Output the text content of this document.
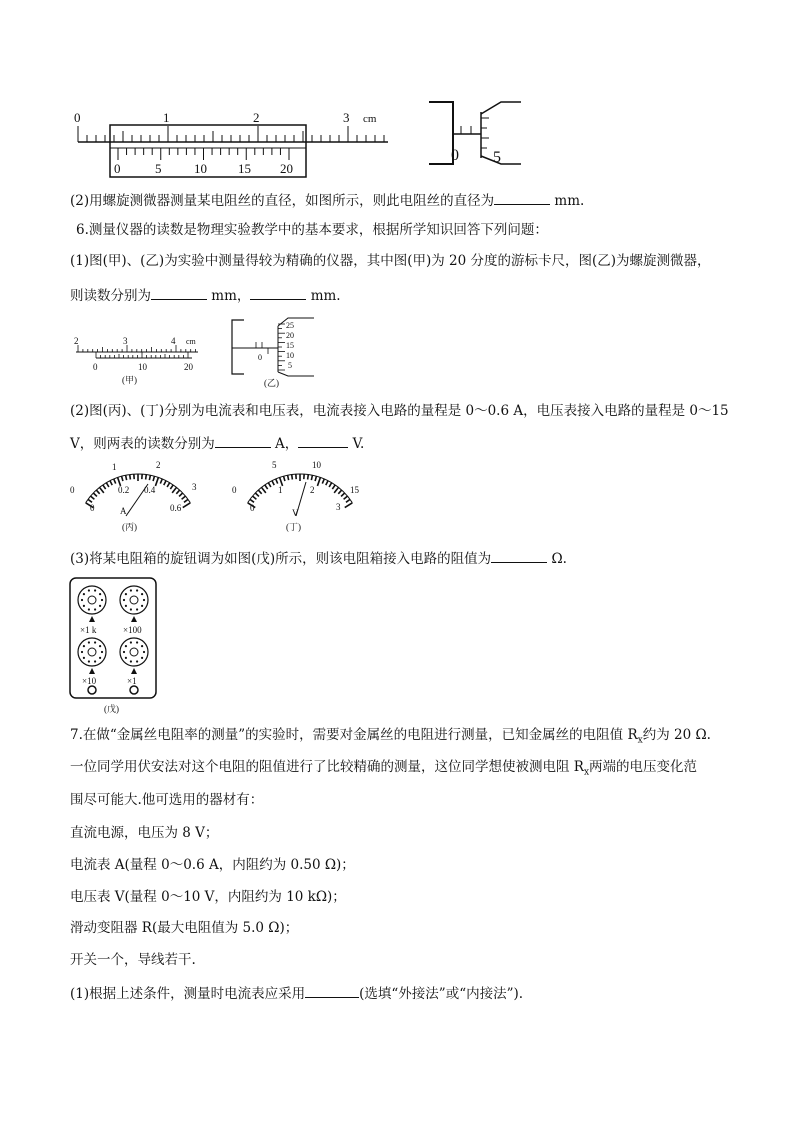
0	1	2	3 cm
0	5	10 15 20
0 5
(2)用螺旋测微器测量某电阻丝的直径，如图所示，则此电阻丝的直径为	mm.
6.测量仪器的读数是物理实验教学中的基本要求，根据所学知识回答下列问题：
(1)图(甲)、(乙)为实验中测量得较为精确的仪器，其中图(甲)为 20 分度的游标卡尺，图(乙)为螺旋测微器，
则读数分别为	mm，	mm.
2	3	4 cm
0	10	20
(甲)
25
20
15
10
5
0
(乙)
(2)图(丙)、(丁)分别为电流表和电压表，电流表接入电路的量程是 0～0.6 A，电压表接入电路的量程是 0～15
V，则两表的读数分别为	A，	V.
0
1	2
3
0
0.2 0.4
0.6
A
(丙)
0
5	10
15
0
1	2
3
V
(丁)
(3)将某电阻箱的旋钮调为如图(戊)所示，则该电阻箱接入电路的阻值为	Ω.
×1 k	×100
×10	×1
(戊)
7.在做“金属丝电阻率的测量”的实验时，需要对金属丝的电阻进行测量，已知金属丝的电阻值 $R_x$约为 20 Ω.
一位同学用伏安法对这个电阻的阻值进行了比较精确的测量，这位同学想使被测电阻 $R_x$两端的电压变化范
围尽可能大.他可选用的器材有：
直流电源，电压为 8 V；
电流表 A(量程 0～0.6 A，内阻约为 0.50 Ω)；
电压表 V(量程 0～10 V，内阻约为 10 kΩ)；
滑动变阻器 R(最大电阻值为 5.0 Ω)；
开关一个，导线若干.
(1)根据上述条件，测量时电流表应采用	(选填“外接法”或“内接法”).
